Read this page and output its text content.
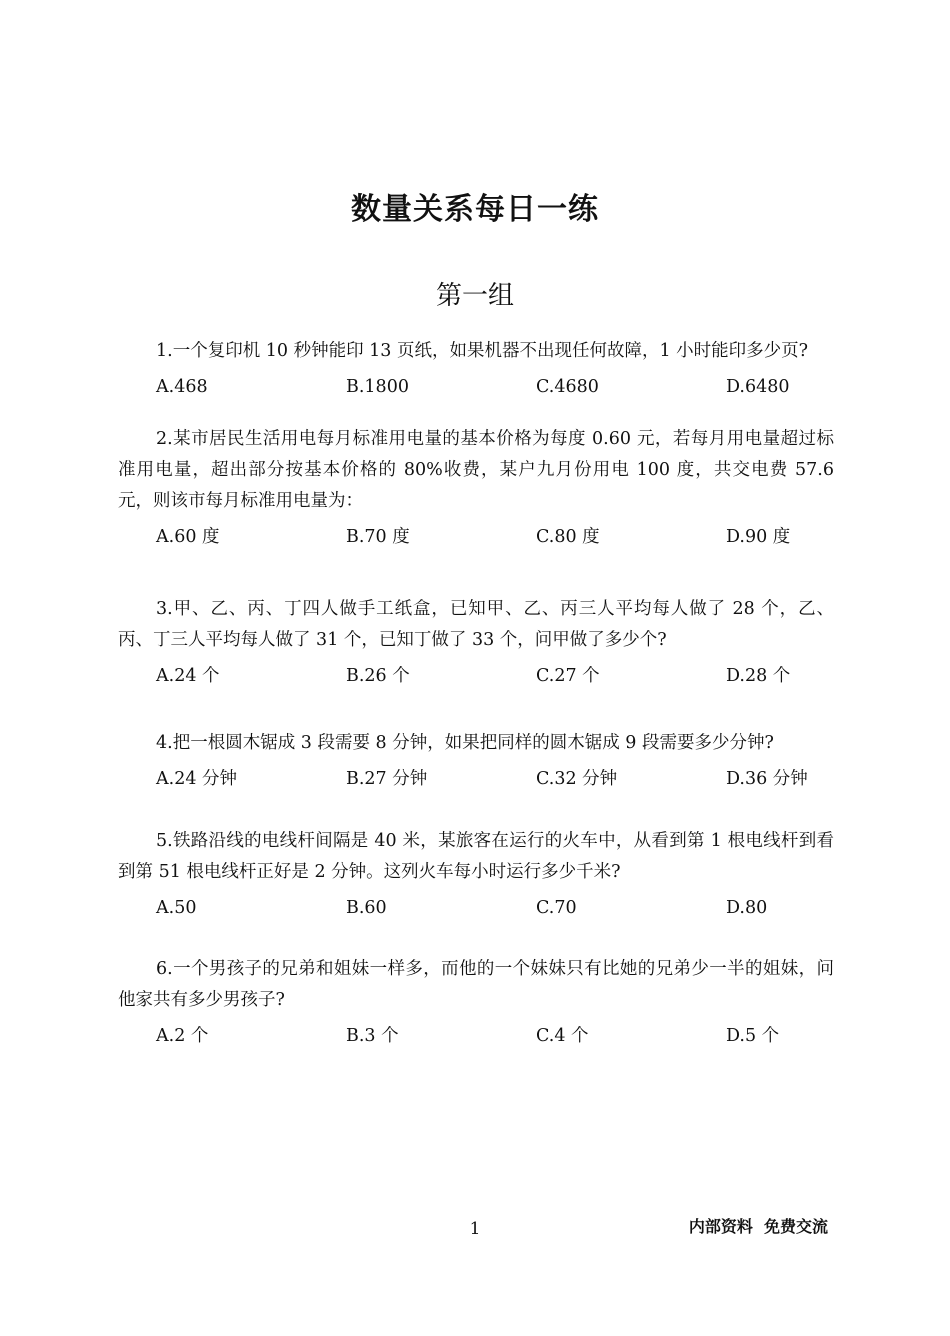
数量关系每日一练
第一组

1.一个复印机 10 秒钟能印 13 页纸，如果机器不出现任何故障，1 小时能印多少页?

A.468	B.1800	C.4680	D.6480

2.某市居民生活用电每月标准用电量的基本价格为每度 0.60 元，若每月用电量超过标准用电量，超出部分按基本价格的 80%收费，某户九月份用电 100 度，共交电费 57.6 元，则该市每月标准用电量为：

A.60 度	B.70 度	C.80 度	D.90 度

3.甲、乙、丙、丁四人做手工纸盒，已知甲、乙、丙三人平均每人做了 28 个，乙、丙、丁三人平均每人做了 31 个，已知丁做了 33 个，问甲做了多少个?

A.24 个	B.26 个	C.27 个	D.28 个

4.把一根圆木锯成 3 段需要 8 分钟，如果把同样的圆木锯成 9 段需要多少分钟?

A.24 分钟	B.27 分钟	C.32 分钟	D.36 分钟

5.铁路沿线的电线杆间隔是 40 米，某旅客在运行的火车中，从看到第 1 根电线杆到看到第 51 根电线杆正好是 2 分钟。这列火车每小时运行多少千米?

A.50	B.60	C.70	D.80

6.一个男孩子的兄弟和姐妹一样多，而他的一个妹妹只有比她的兄弟少一半的姐妹，问他家共有多少男孩子?

A.2 个	B.3 个	C.4 个	D.5 个
1	内部资料  免费交流
